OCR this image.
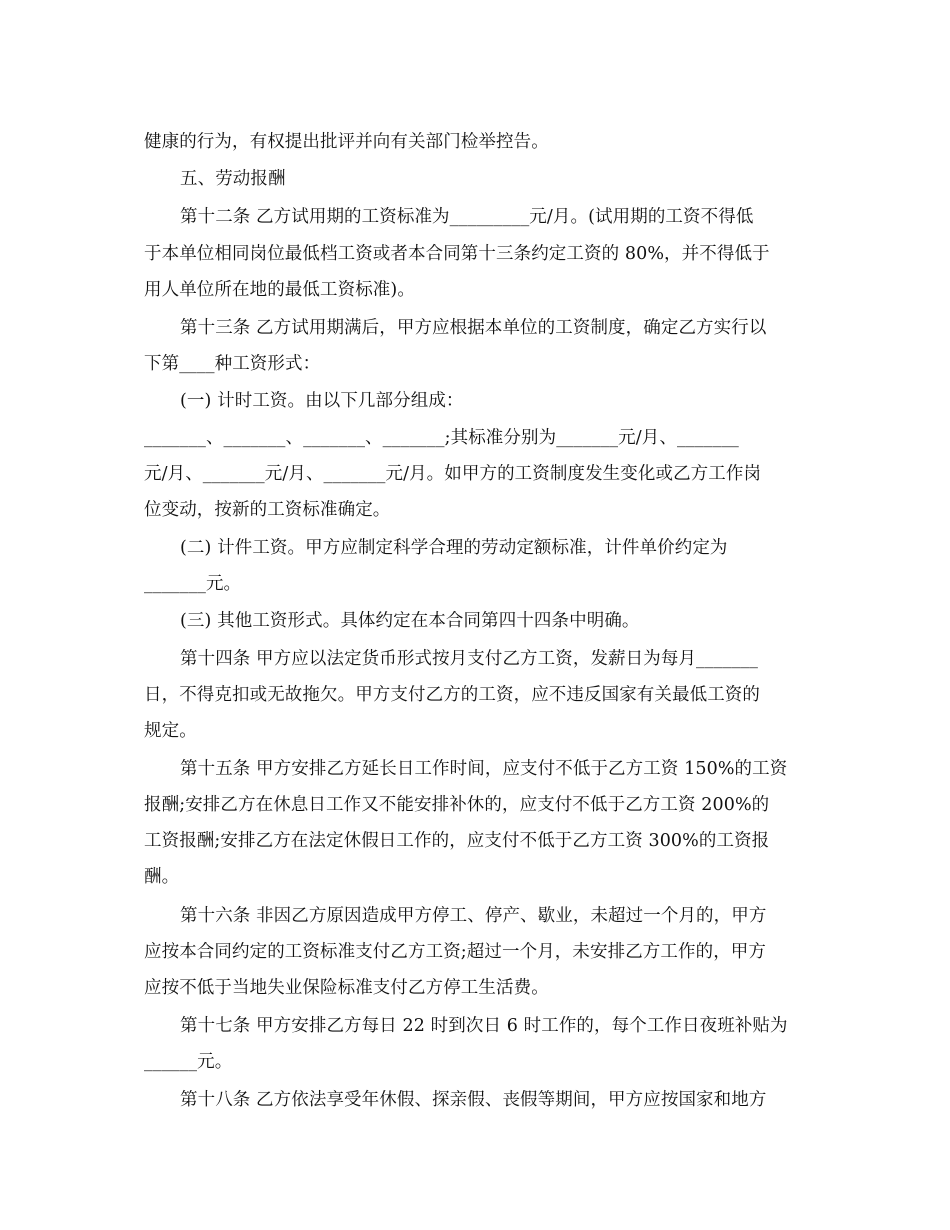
健康的行为，有权提出批评并向有关部门检举控告。
五、劳动报酬
第十二条 乙方试用期的工资标准为_________元/月。(试用期的工资不得低
于本单位相同岗位最低档工资或者本合同第十三条约定工资的 80%，并不得低于
用人单位所在地的最低工资标准)。
第十三条 乙方试用期满后，甲方应根据本单位的工资制度，确定乙方实行以
下第____种工资形式：
(一) 计时工资。由以下几部分组成：
_______、_______、_______、_______;其标准分别为_______元/月、_______
元/月、_______元/月、_______元/月。如甲方的工资制度发生变化或乙方工作岗
位变动，按新的工资标准确定。
(二) 计件工资。甲方应制定科学合理的劳动定额标准，计件单价约定为
_______元。
(三) 其他工资形式。具体约定在本合同第四十四条中明确。
第十四条 甲方应以法定货币形式按月支付乙方工资，发薪日为每月_______
日，不得克扣或无故拖欠。甲方支付乙方的工资，应不违反国家有关最低工资的
规定。
第十五条 甲方安排乙方延长日工作时间，应支付不低于乙方工资 150%的工资
报酬;安排乙方在休息日工作又不能安排补休的，应支付不低于乙方工资 200%的
工资报酬;安排乙方在法定休假日工作的，应支付不低于乙方工资 300%的工资报
酬。
第十六条 非因乙方原因造成甲方停工、停产、歇业，未超过一个月的，甲方
应按本合同约定的工资标准支付乙方工资;超过一个月，未安排乙方工作的，甲方
应按不低于当地失业保险标准支付乙方停工生活费。
第十七条 甲方安排乙方每日 22 时到次日 6 时工作的，每个工作日夜班补贴为
______元。
第十八条 乙方依法享受年休假、探亲假、丧假等期间，甲方应按国家和地方
